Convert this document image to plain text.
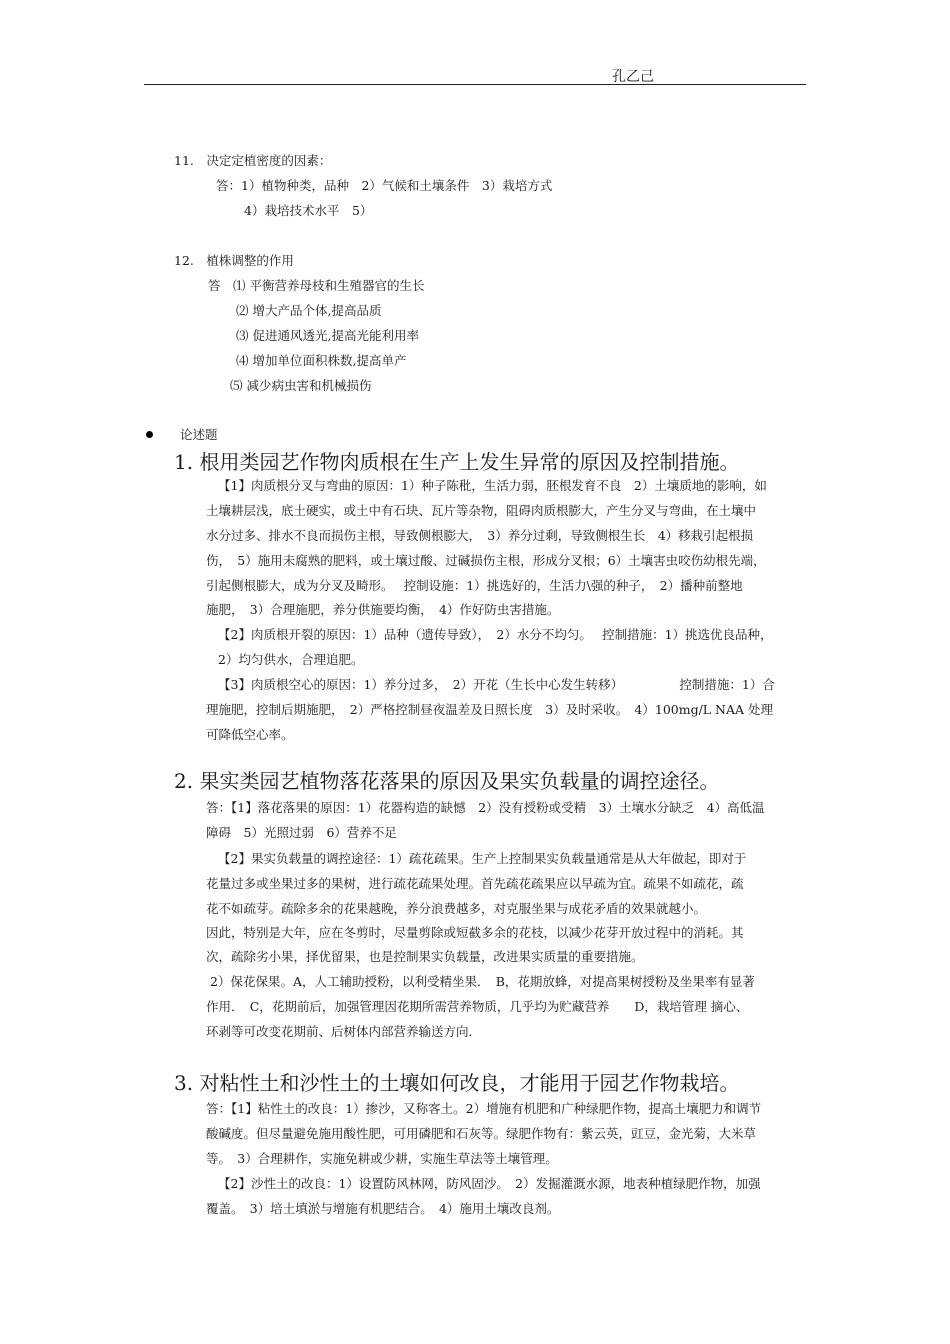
孔乙己
11.　决定定植密度的因素：
答：1）植物种类，品种　2）气候和土壤条件　3）栽培方式
4）栽培技术水平　5）
12.　植株调整的作用
答　⑴ 平衡营养母枝和生殖器官的生长
⑵ 增大产品个体,提高品质
⑶ 促进通风透光,提高光能利用率
⑷ 增加单位面积株数,提高单产
⑸ 减少病虫害和机械损伤
论述题
1. 根用类园艺作物肉质根在生产上发生异常的原因及控制措施。
【1】肉质根分叉与弯曲的原因：1）种子陈秕，生活力弱，胚根发育不良　2）土壤质地的影响，如
土壤耕层浅，底土硬实，或土中有石块、瓦片等杂物，阻碍肉质根膨大，产生分叉与弯曲，在土壤中
水分过多、排水不良而损伤主根，导致侧根膨大，　3）养分过剩，导致侧根生长　4）移栽引起根损
伤，　5）施用未腐熟的肥料，或土壤过酸、过碱损伤主根，形成分叉根；6）土壤害虫咬伤幼根先端，
引起侧根膨大，成为分叉及畸形。　 控制设施：1）挑选好的，生活力\强的种子，　2）播种前整地
施肥，　3）合理施肥，养分供施要均衡，　4）作好防虫害措施。
【2】肉质根开裂的原因：1）品种（遗传导致），　2）水分不均匀。　 控制措施：1）挑选优良品种，
2）均匀供水，合理追肥。
【3】肉质根空心的原因：1）养分过多，　2）开花（生长中心发生转移）　　　　　控制措施：1）合
理施肥，控制后期施肥，　2）严格控制昼夜温差及日照长度　3）及时采收。　4）100mg/L NAA 处理
可降低空心率。
2. 果实类园艺植物落花落果的原因及果实负载量的调控途径。
答：【1】落花落果的原因：1）花器构造的缺憾　2）没有授粉或受精　3）土壤水分缺乏　4）高低温
障碍　5）光照过弱　6）营养不足
【2】果实负载量的调控途径：1）疏花疏果。生产上控制果实负载量通常是从大年做起，即对于
花量过多或坐果过多的果树，进行疏花疏果处理。首先疏花疏果应以早疏为宜。疏果不如疏花，疏
花不如疏芽。疏除多余的花果越晚，养分浪费越多，对克服坐果与成花矛盾的效果就越小。
因此，特别是大年，应在冬剪时，尽量剪除或短截多余的花枝，以减少花芽开放过程中的消耗。其
次，疏除劣小果，择优留果，也是控制果实负载量，改进果实质量的重要措施。
2）保花保果。A，人工辅助授粉，以利受精坐果．　B，花期放蜂，对提高果树授粉及坐果率有显著
作用．　C，花期前后，加强管理因花期所需营养物质，几乎均为贮藏营养　　D，栽培管理 摘心、
环剥等可改变花期前、后树体内部营养输送方向．
3. 对粘性土和沙性土的土壤如何改良，才能用于园艺作物栽培。
答：【1】粘性土的改良：1）掺沙，又称客土。2）增施有机肥和广种绿肥作物，提高土壤肥力和调节
酸碱度。但尽量避免施用酸性肥，可用磷肥和石灰等。绿肥作物有：紫云英，豇豆，金光菊，大米草
等。　3）合理耕作，实施免耕或少耕，实施生草法等土壤管理。
【2】沙性土的改良：1）设置防风林网，防风固沙。　2）发掘灌溉水源，地表种植绿肥作物，加强
覆盖。　3）培土填淤与增施有机肥结合。　4）施用土壤改良剂。
